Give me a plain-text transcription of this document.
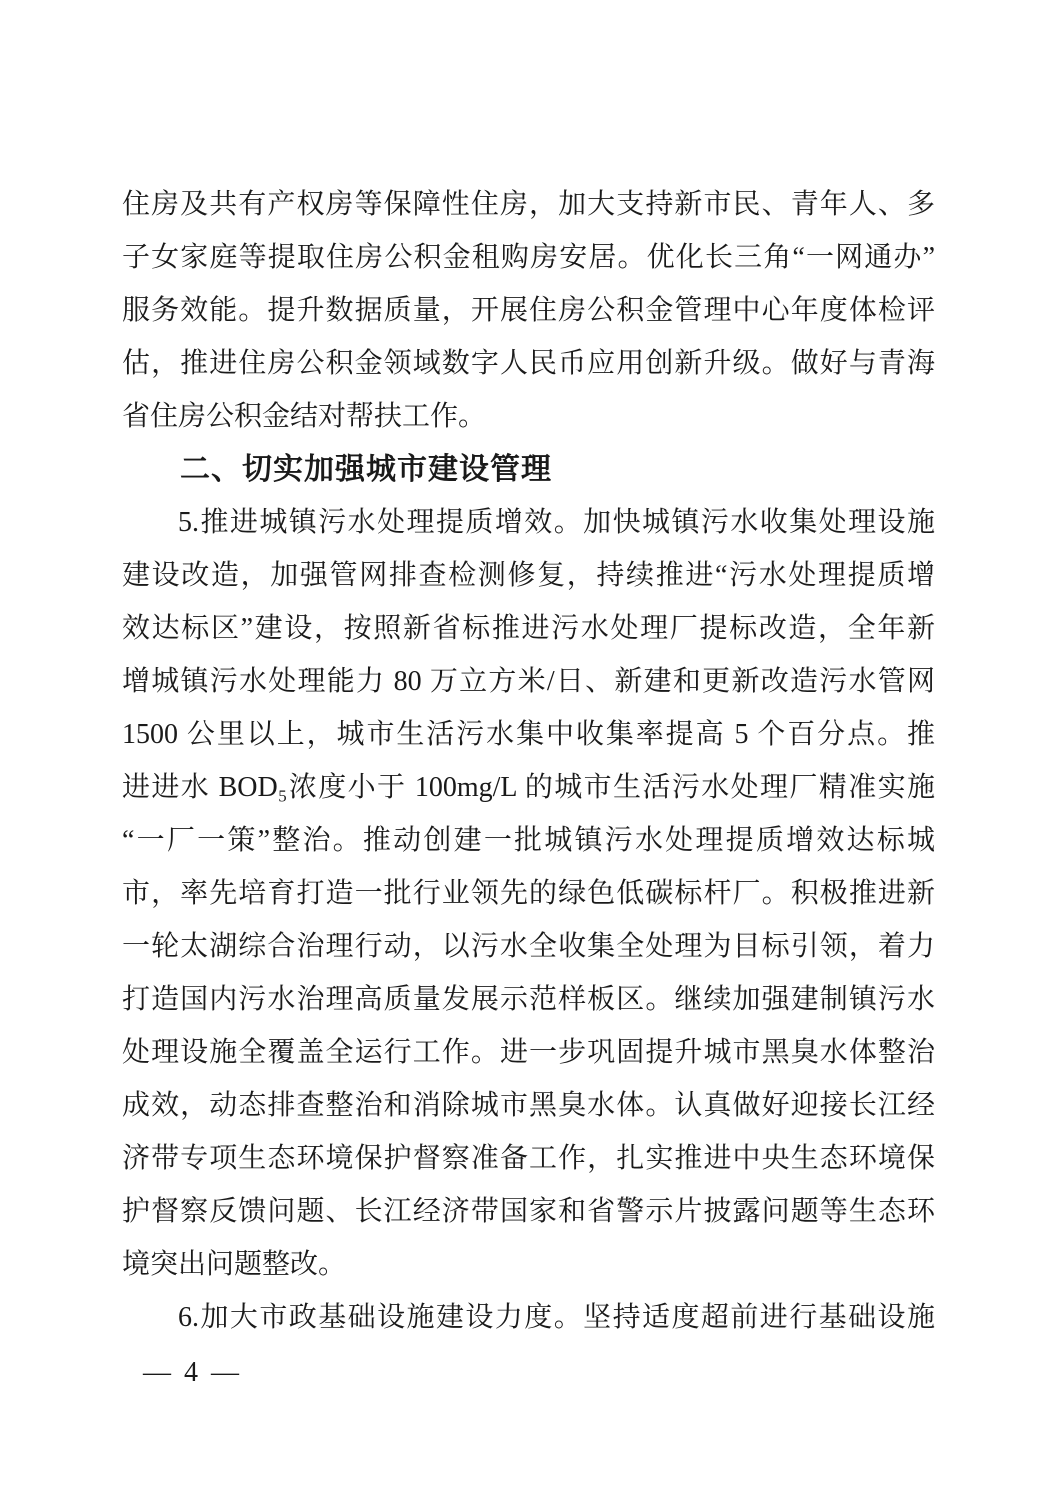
住房及共有产权房等保障性住房，加大支持新市民、青年人、多
子女家庭等提取住房公积金租购房安居。优化长三角“一网通办”
服务效能。提升数据质量，开展住房公积金管理中心年度体检评
估，推进住房公积金领域数字人民币应用创新升级。做好与青海
省住房公积金结对帮扶工作。
二、切实加强城市建设管理
5.推进城镇污水处理提质增效。加快城镇污水收集处理设施
建设改造，加强管网排查检测修复，持续推进“污水处理提质增
效达标区”建设，按照新省标推进污水处理厂提标改造，全年新
增城镇污水处理能力 80 万立方米/日、新建和更新改造污水管网
1500 公里以上，城市生活污水集中收集率提高 5 个百分点。推
进进水 BOD₅浓度小于 100mg/L 的城市生活污水处理厂精准实施
“一厂一策”整治。推动创建一批城镇污水处理提质增效达标城
市，率先培育打造一批行业领先的绿色低碳标杆厂。积极推进新
一轮太湖综合治理行动，以污水全收集全处理为目标引领，着力
打造国内污水治理高质量发展示范样板区。继续加强建制镇污水
处理设施全覆盖全运行工作。进一步巩固提升城市黑臭水体整治
成效，动态排查整治和消除城市黑臭水体。认真做好迎接长江经
济带专项生态环境保护督察准备工作，扎实推进中央生态环境保
护督察反馈问题、长江经济带国家和省警示片披露问题等生态环
境突出问题整改。
6.加大市政基础设施建设力度。坚持适度超前进行基础设施
— 4 —
